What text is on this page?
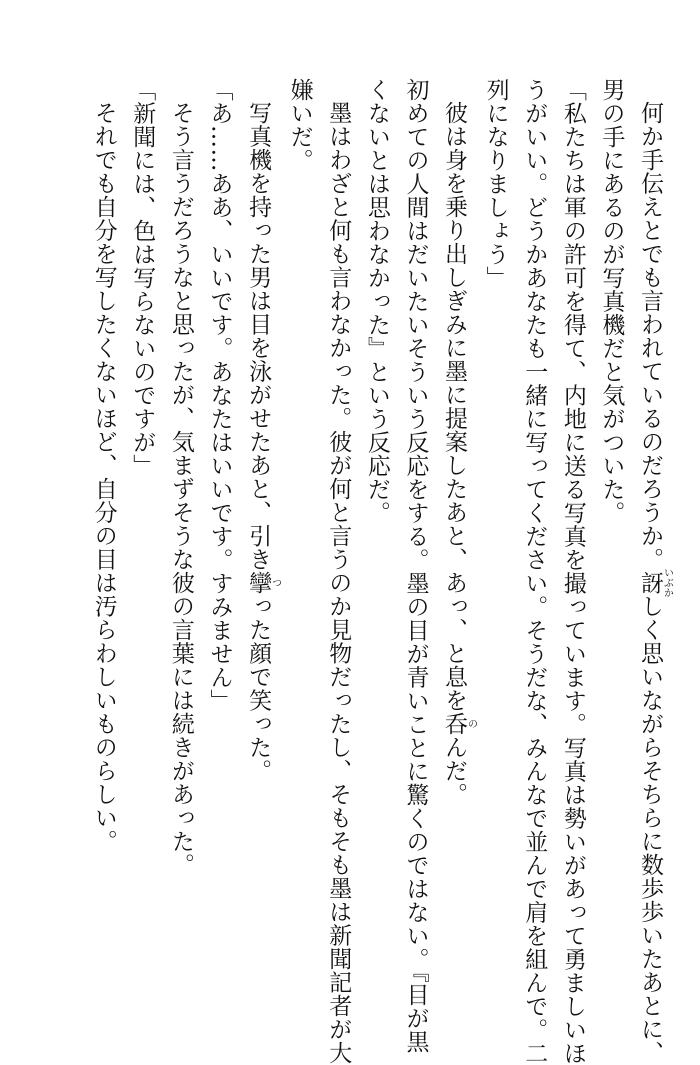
何か手伝えとでも言われているのだろうか。訝いぶかしく思いながらそちらに数歩歩いたあとに、
男の手にあるのが写真機だと気がついた。
「私たちは軍の許可を得て、内地に送る写真を撮っています。写真は勢いがあって勇ましいほ
うがいい。どうかあなたも一緒に写ってください。そうだな、みんなで並んで肩を組んで。二
列になりましょう」
彼は身を乗り出しぎみに墨に提案したあと、あっ、と息を呑のんだ。
初めての人間はだいたいそういう反応をする。墨の目が青いことに驚くのではない。『目が黒
くないとは思わなかった』という反応だ。
墨はわざと何も言わなかった。彼が何と言うのか見物だったし、そもそも墨は新聞記者が大
嫌いだ。
写真機を持った男は目を泳がせたあと、引き攣つった顔で笑った。
「あ……ああ、いいです。あなたはいいです。すみません」
そう言うだろうなと思ったが、気まずそうな彼の言葉には続きがあった。
「新聞には、色は写らないのですが」
それでも自分を写したくないほど、自分の目は汚らわしいものらしい。
